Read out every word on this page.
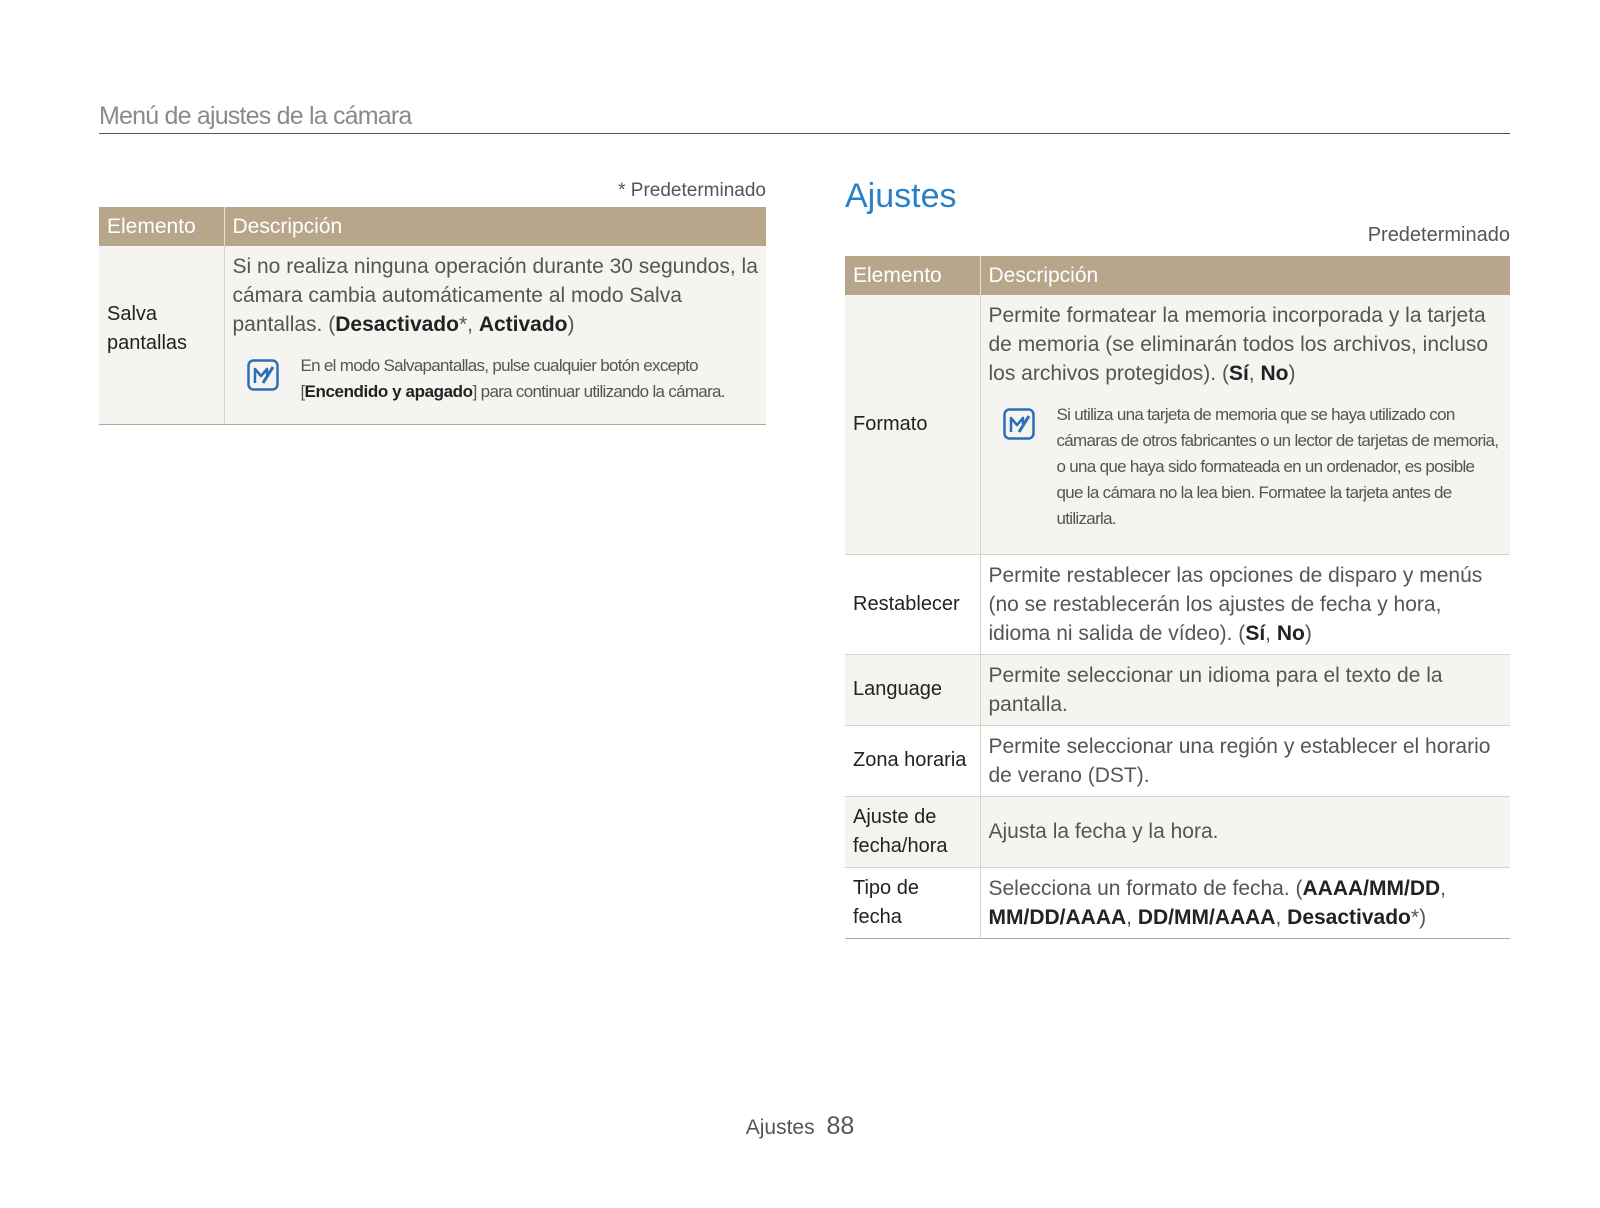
Menú de ajustes de la cámara
* Predeterminado
Elemento	Descripción
Salva pantallas	Si no realiza ninguna operación durante 30 segundos, la cámara cambia automáticamente al modo Salva pantallas. (Desactivado*, Activado)
En el modo Salvapantallas, pulse cualquier botón excepto [Encendido y apagado] para continuar utilizando la cámara.
Ajustes
Predeterminado
Elemento	Descripción
Formato	Permite formatear la memoria incorporada y la tarjeta de memoria (se eliminarán todos los archivos, incluso los archivos protegidos). (Sí, No)
Si utiliza una tarjeta de memoria que se haya utilizado con cámaras de otros fabricantes o un lector de tarjetas de memoria, o una que haya sido formateada en un ordenador, es posible que la cámara no la lea bien. Formatee la tarjeta antes de utilizarla.

Restablecer	Permite restablecer las opciones de disparo y menús (no se restablecerán los ajustes de fecha y hora, idioma ni salida de vídeo). (Sí, No)
Language	Permite seleccionar un idioma para el texto de la pantalla.
Zona horaria	Permite seleccionar una región y establecer el horario de verano (DST).
Ajuste de fecha/hora	Ajusta la fecha y la hora.
Tipo de fecha	Selecciona un formato de fecha. (AAAA/MM/DD, MM/DD/AAAA, DD/MM/AAAA, Desactivado*)
Ajustes 88
